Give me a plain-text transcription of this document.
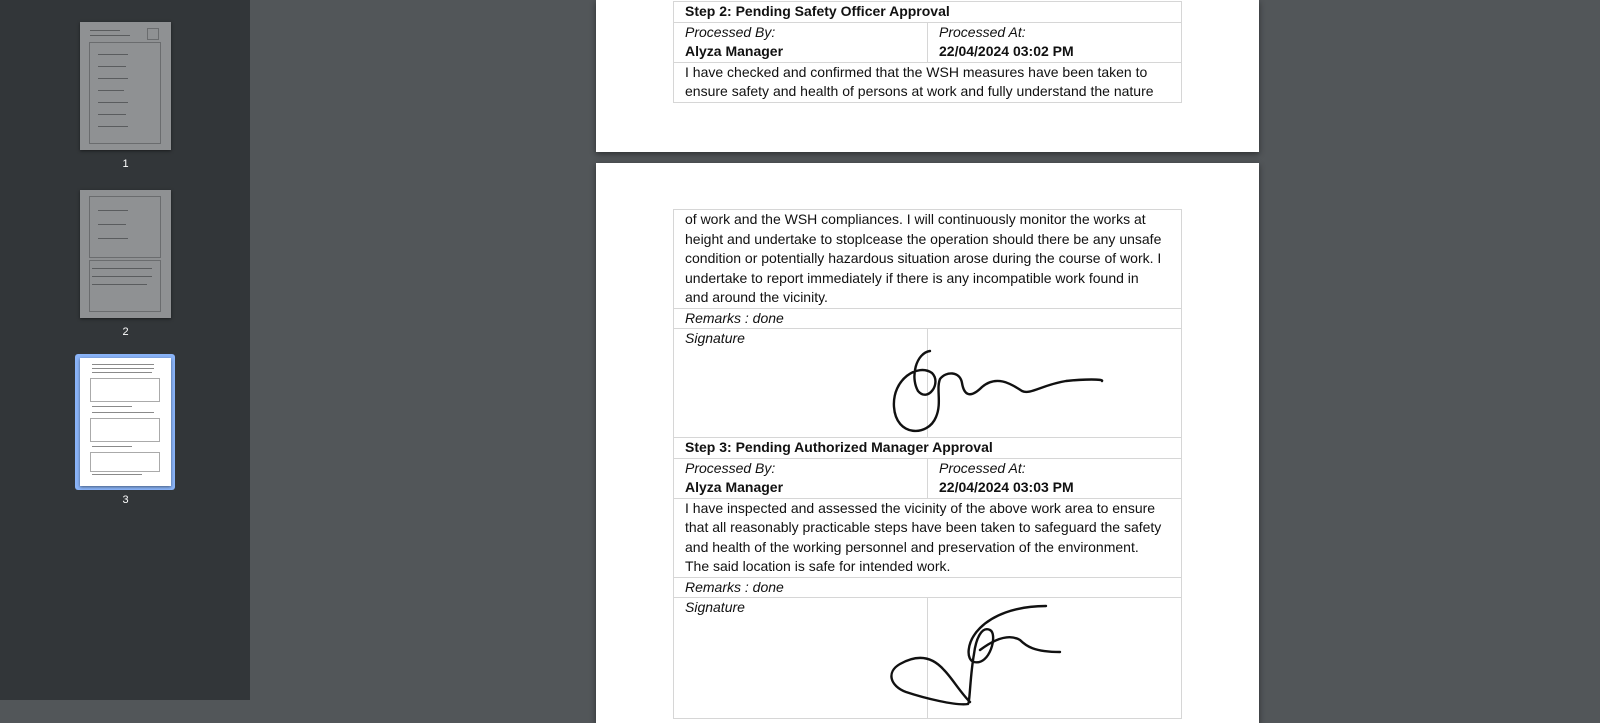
1
2
3
Step 2: Pending Safety Officer Approval
Processed By:
Alyza Manager
Processed At:
22/04/2024 03:02 PM
I have checked and confirmed that the WSH measures have been taken to
ensure safety and health of persons at work and fully understand the nature
of work and the WSH compliances. I will continuously monitor the works at
height and undertake to stoplcease the operation should there be any unsafe
condition or potentially hazardous situation arose during the course of work. I
undertake to report immediately if there is any incompatible work found in
and around the vicinity.
Remarks : done
Signature
Step 3: Pending Authorized Manager Approval
Processed By:
Alyza Manager
Processed At:
22/04/2024 03:03 PM
I have inspected and assessed the vicinity of the above work area to ensure
that all reasonably practicable steps have been taken to safeguard the safety
and health of the working personnel and preservation of the environment.
The said location is safe for intended work.
Remarks : done
Signature
